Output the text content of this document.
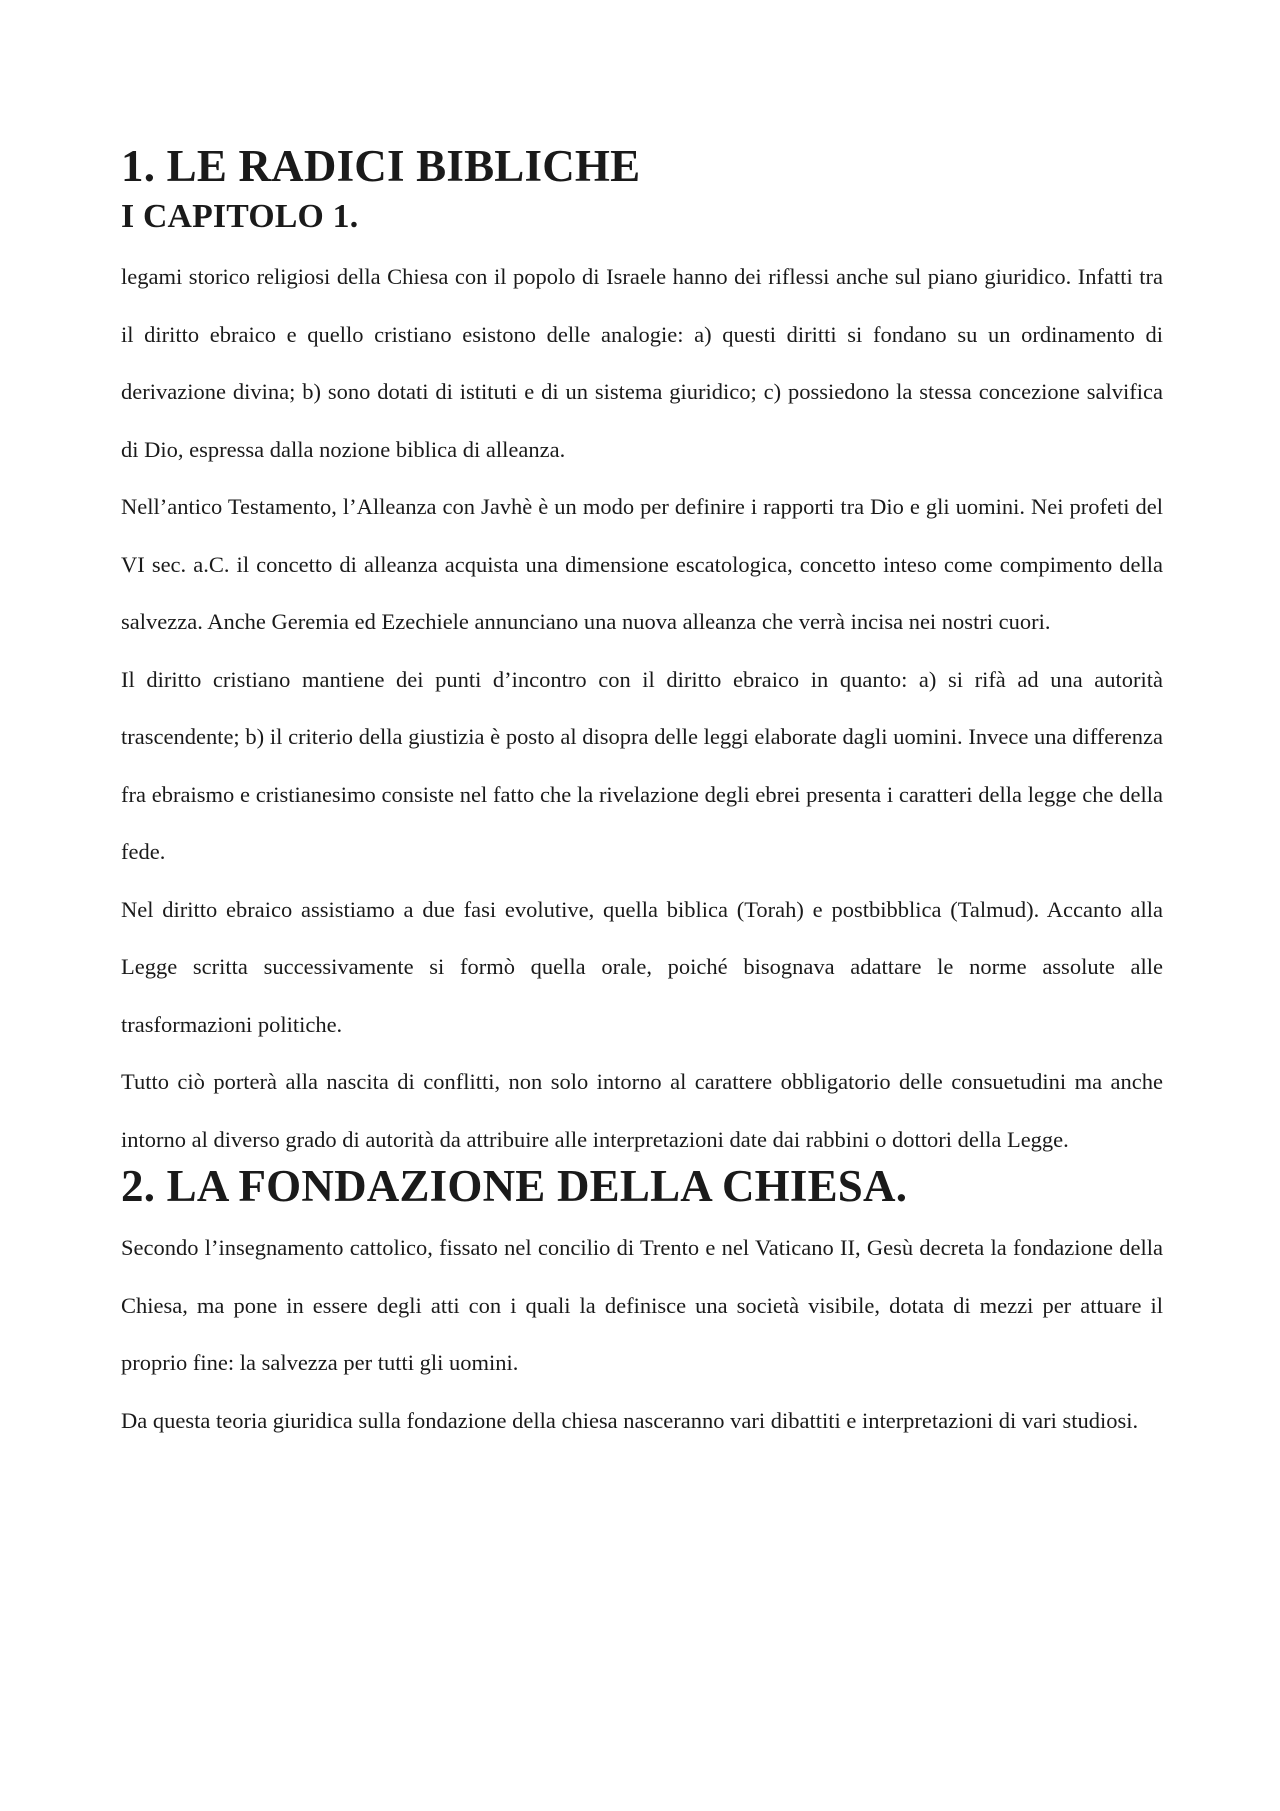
1. LE RADICI BIBLICHE
I CAPITOLO 1.

legami storico religiosi della Chiesa con il popolo di Israele hanno dei riflessi anche sul piano giuridico. Infatti tra il diritto ebraico e quello cristiano esistono delle analogie: a) questi diritti si fondano su un ordinamento di derivazione divina; b) sono dotati di istituti e di un sistema giuridico; c) possiedono la stessa concezione salvifica di Dio, espressa dalla nozione biblica di alleanza.

Nell’antico Testamento, l’Alleanza con Javhè è un modo per definire i rapporti tra Dio e gli uomini. Nei profeti del VI sec. a.C. il concetto di alleanza acquista una dimensione escatologica, concetto inteso come compimento della salvezza. Anche Geremia ed Ezechiele annunciano una nuova alleanza che verrà incisa nei nostri cuori.

Il diritto cristiano mantiene dei punti d’incontro con il diritto ebraico in quanto: a) si rifà ad una autorità trascendente; b) il criterio della giustizia è posto al disopra delle leggi elaborate dagli uomini. Invece una differenza fra ebraismo e cristianesimo consiste nel fatto che la rivelazione degli ebrei presenta i caratteri della legge che della fede.

Nel diritto ebraico assistiamo a due fasi evolutive, quella biblica (Torah) e postbibblica (Talmud). Accanto alla Legge scritta successivamente si formò quella orale, poiché bisognava adattare le norme assolute alle trasformazioni politiche.

Tutto ciò porterà alla nascita di conflitti, non solo intorno al carattere obbligatorio delle consuetudini ma anche intorno al diverso grado di autorità da attribuire alle interpretazioni date dai rabbini o dottori della Legge.

2. LA FONDAZIONE DELLA CHIESA.

Secondo l’insegnamento cattolico, fissato nel concilio di Trento e nel Vaticano II, Gesù decreta la fondazione della Chiesa, ma pone in essere degli atti con i quali la definisce una società visibile, dotata di mezzi per attuare il proprio fine: la salvezza per tutti gli uomini.

Da questa teoria giuridica sulla fondazione della chiesa nasceranno vari dibattiti e interpretazioni di vari studiosi.
